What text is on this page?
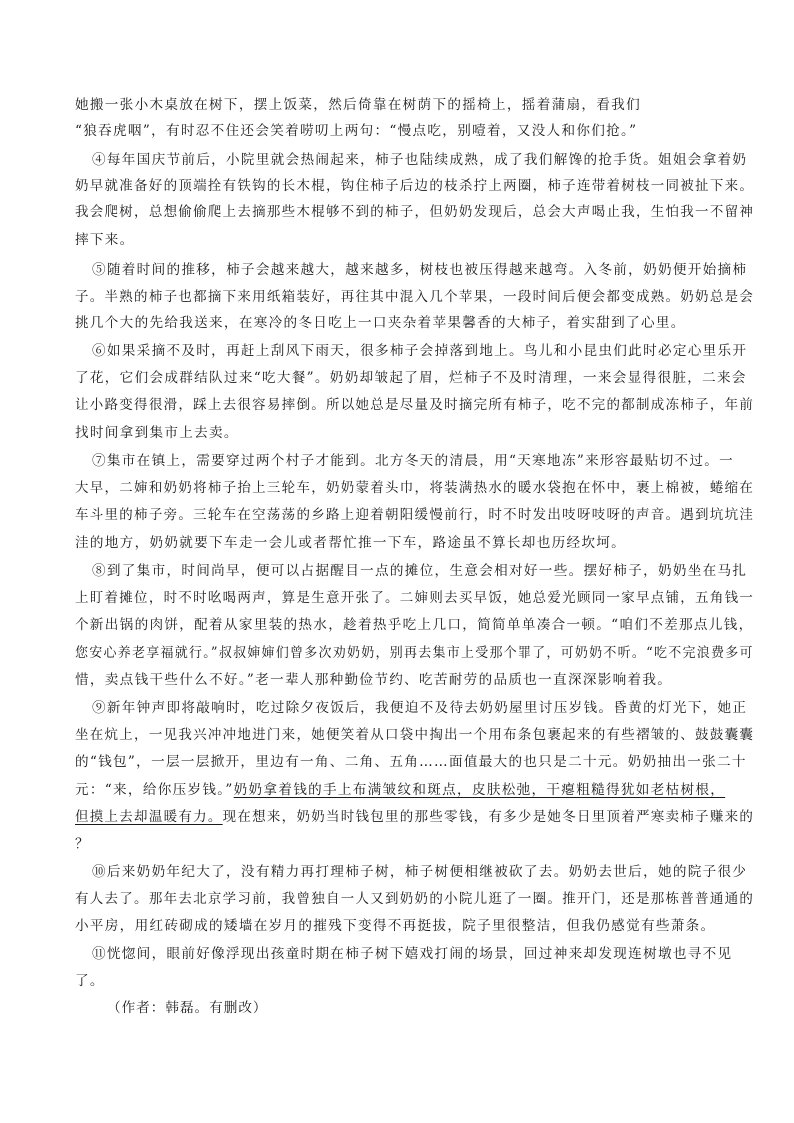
她搬一张小木桌放在树下，摆上饭菜，然后倚靠在树荫下的摇椅上，摇着蒲扇，看我们
“狼吞虎咽”，有时忍不住还会笑着唠叨上两句：“慢点吃，别噎着，又没人和你们抢。”
④每年国庆节前后，小院里就会热闹起来，柿子也陆续成熟，成了我们解馋的抢手货。姐姐会拿着奶
奶早就准备好的顶端拴有铁钩的长木棍，钩住柿子后边的枝杀拧上两圈，柿子连带着树枝一同被扯下来。
我会爬树，总想偷偷爬上去摘那些木棍够不到的柿子，但奶奶发现后，总会大声喝止我，生怕我一不留神
摔下来。
⑤随着时间的推移，柿子会越来越大，越来越多，树枝也被压得越来越弯。入冬前，奶奶便开始摘柿
子。半熟的柿子也都摘下来用纸箱装好，再往其中混入几个苹果，一段时间后便会都变成熟。奶奶总是会
挑几个大的先给我送来，在寒冷的冬日吃上一口夹杂着苹果馨香的大柿子，着实甜到了心里。
⑥如果采摘不及时，再赶上刮风下雨天，很多柿子会掉落到地上。鸟儿和小昆虫们此时必定心里乐开
了花，它们会成群结队过来“吃大餐”。奶奶却皱起了眉，烂柿子不及时清理，一来会显得很脏，二来会
让小路变得很滑，踩上去很容易摔倒。所以她总是尽量及时摘完所有柿子，吃不完的都制成冻柿子，年前
找时间拿到集市上去卖。
⑦集市在镇上，需要穿过两个村子才能到。北方冬天的清晨，用“天寒地冻”来形容最贴切不过。一
大早，二婶和奶奶将柿子抬上三轮车，奶奶蒙着头巾，将装满热水的暖水袋抱在怀中，裹上棉被，蜷缩在
车斗里的柿子旁。三轮车在空荡荡的乡路上迎着朝阳缓慢前行，时不时发出吱呀吱呀的声音。遇到坑坑洼
洼的地方，奶奶就要下车走一会儿或者帮忙推一下车，路途虽不算长却也历经坎坷。
⑧到了集市，时间尚早，便可以占据醒目一点的摊位，生意会相对好一些。摆好柿子，奶奶坐在马扎
上盯着摊位，时不时吆喝两声，算是生意开张了。二婶则去买早饭，她总爱光顾同一家早点铺，五角钱一
个新出锅的肉饼，配着从家里装的热水，趁着热乎吃上几口，简简单单凑合一顿。“咱们不差那点儿钱，
您安心养老享福就行。”叔叔婶婶们曾多次劝奶奶，别再去集市上受那个罪了，可奶奶不听。“吃不完浪费多可
惜，卖点钱干些什么不好。”老一辈人那种勤俭节约、吃苦耐劳的品质也一直深深影响着我。
⑨新年钟声即将敲响时，吃过除夕夜饭后，我便迫不及待去奶奶屋里讨压岁钱。昏黄的灯光下，她正
坐在炕上，一见我兴冲冲地进门来，她便笑着从口袋中掏出一个用布条包裹起来的有些褶皱的、鼓鼓囊囊
的“钱包”，一层一层掀开，里边有一角、二角、五角……面值最大的也只是二十元。奶奶抽出一张二十
元：“来，给你压岁钱。”奶奶拿着钱的手上布满皱纹和斑点，皮肤松弛，干瘪粗糙得犹如老枯树根，
但摸上去却温暖有力。现在想来，奶奶当时钱包里的那些零钱，有多少是她冬日里顶着严寒卖柿子赚来的
？
⑩后来奶奶年纪大了，没有精力再打理柿子树，柿子树便相继被砍了去。奶奶去世后，她的院子很少
有人去了。那年去北京学习前，我曾独自一人又到奶奶的小院儿逛了一圈。推开门，还是那栋普普通通的
小平房，用红砖砌成的矮墙在岁月的摧残下变得不再挺拔，院子里很整洁，但我仍感觉有些萧条。
⑪恍惚间，眼前好像浮现出孩童时期在柿子树下嬉戏打闹的场景，回过神来却发现连树墩也寻不见
了。
（作者：韩磊。有删改）
